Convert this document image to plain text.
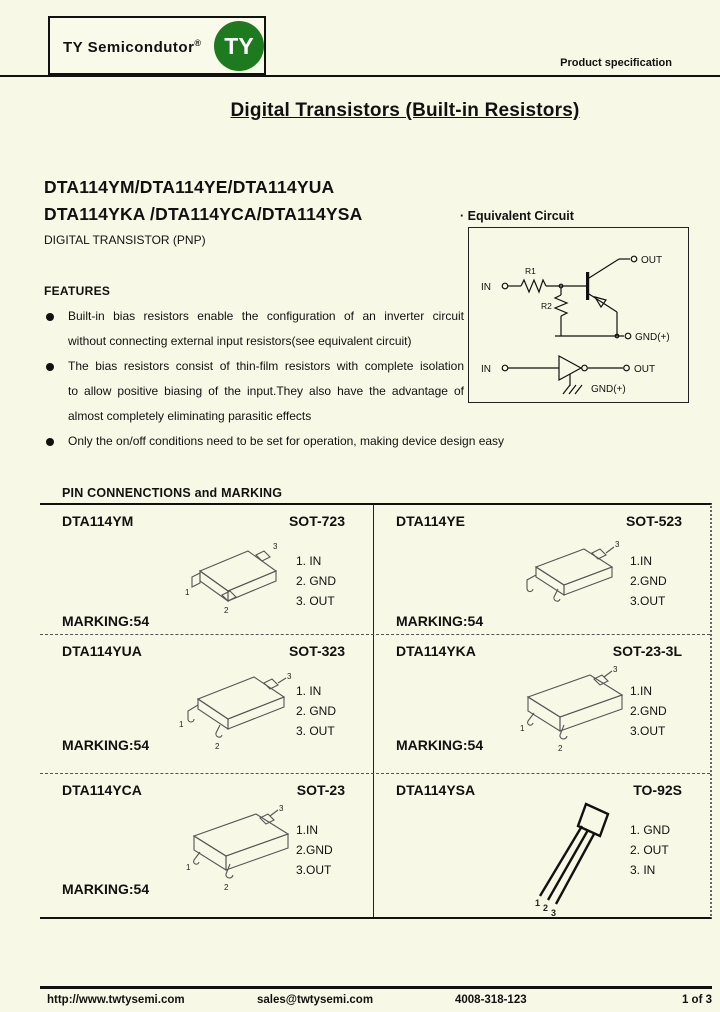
TY Semicondutor® TY
Product specification
Digital Transistors (Built-in Resistors)
DTA114YM/DTA114YE/DTA114YUA
DTA114YKA /DTA114YCA/DTA114YSA
DIGITAL TRANSISTOR (PNP)
· Equivalent Circuit
IN
R1
OUT
R2
GND(+)
IN	OUT
GND(+)
FEATURES
Built-in bias resistors enable the configuration of an inverter circuit
without connecting external input resistors(see equivalent circuit)
The bias resistors consist of thin-film resistors with complete isolation
to allow positive biasing of the input.They also have the advantage of
almost completely eliminating parasitic effects
Only the on/off conditions need to be set for operation, making device design easy
PIN CONNENCTIONS and MARKING
DTA114YM	SOT-723
3
1
2
1. IN
2. GND
3. OUT
MARKING:54
DTA114YE	SOT-523
3
1.IN
2.GND
3.OUT
MARKING:54
DTA114YUA	SOT-323
3
1
2
1. IN
2. GND
3. OUT
MARKING:54
DTA114YKA	SOT-23-3L
3
1
2
1.IN
2.GND
3.OUT
MARKING:54
DTA114YCA	SOT-23
3
1
2
1.IN
2.GND
3.OUT
MARKING:54
DTA114YSA	TO-92S
1 2 3
1. GND
2. OUT
3. IN
http://www.twtysemi.com	sales@twtysemi.com	4008-318-123	1 of 3
